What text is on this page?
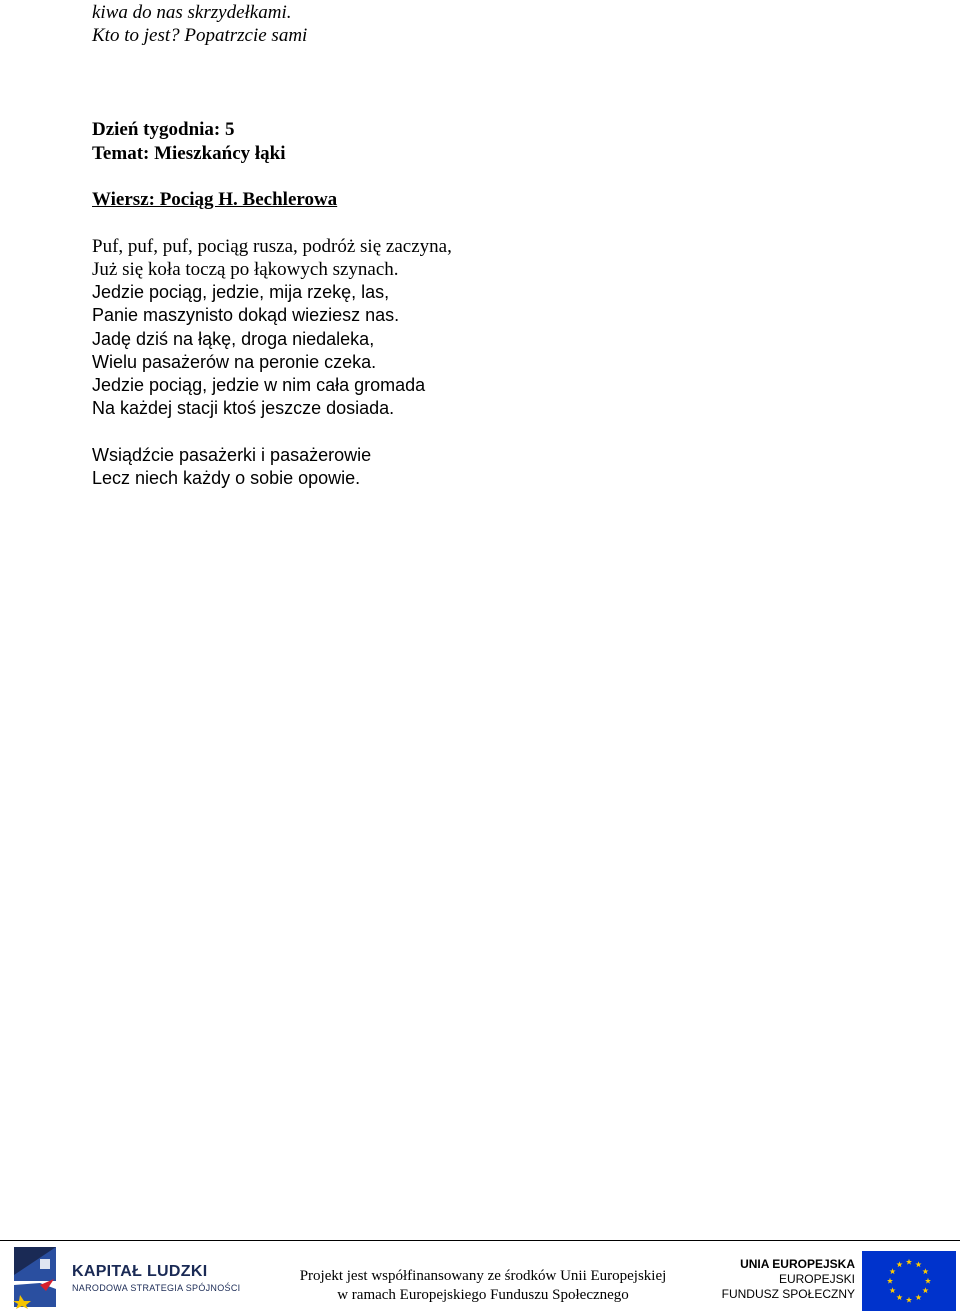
kiwa do nas skrzydełkami.
Kto to jest? Popatrzcie sami
Dzień tygodnia: 5
Temat: Mieszkańcy łąki
Wiersz: Pociąg H. Bechlerowa
Puf, puf, puf, pociąg rusza, podróż się zaczyna,
Już się koła toczą po łąkowych szynach.
Jedzie pociąg, jedzie, mija rzekę, las,
Panie maszynisto dokąd wieziesz nas.
Jadę dziś na łąkę, droga niedaleka,
Wielu pasażerów na peronie czeka.
Jedzie pociąg, jedzie w nim cała gromada
Na każdej stacji ktoś jeszcze dosiada.
Wsiądźcie pasażerki i pasażerowie
Lecz niech każdy o sobie opowie.
KAPITAŁ LUDZKI
NARODOWA STRATEGIA SPÓJNOŚCI
Projekt jest współfinansowany ze środków Unii Europejskiej
w ramach Europejskiego Funduszu Społecznego
UNIA EUROPEJSKA
EUROPEJSKI
FUNDUSZ SPOŁECZNY
